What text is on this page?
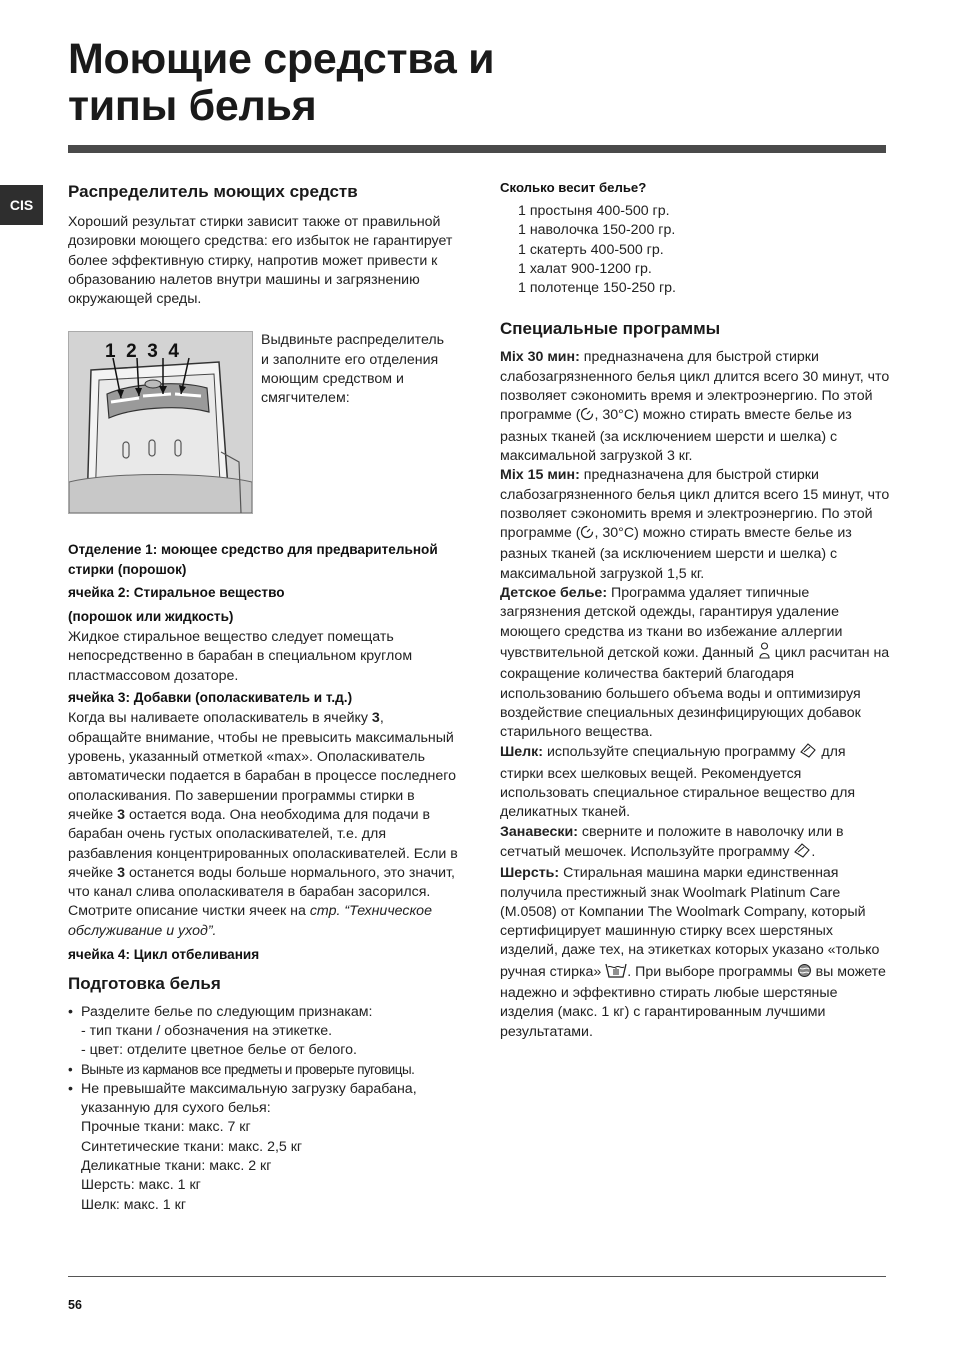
Моющие средства и
типы белья
CIS
Распределитель моющих средств
Хороший результат стирки зависит также от правильной дозировки моющего средства: его избыток не гарантирует более эффективную стирку, напротив может привести к образованию налетов внутри машины и загрязнению окружающей среды.
1 2 3 4
Выдвиньте распределитель и заполните его отделения моющим средством и смягчителем:
Отделение 1: моющее средство для предварительной стирки (порошок)
ячейка 2: Стиральное вещество
(порошок или жидкость)
Жидкое стиральное вещество следует помещать непосредственно в барабан в специальном круглом пластмассовом дозаторе.
ячейка 3: Добавки (ополаскиватель и т.д.)
Когда вы наливаете ополаскиватель в ячейку 3, обращайте внимание, чтобы не превысить максимальный уровень, указанный отметкой «max». Ополаскиватель автоматически подается в барабан в процессе последнего ополаскивания. По завершении программы стирки в ячейке 3 остается вода. Она необходима для подачи в барабан очень густых ополаскивателей, т.е. для разбавления концентрированных ополаскивателей. Если в ячейке 3 останется воды больше нормального, это значит, что канал слива ополаскивателя в барабан засорился. Смотрите описание чистки ячеек на стр. “Техническое обслуживание и уход”.
ячейка 4: Цикл отбеливания
Подготовка белья
• Разделите белье по следующим признакам:
- тип ткани / обозначения на этикетке.
- цвет: отделите цветное белье от белого.
• Выньте из карманов все предметы и проверьте пуговицы.
• Не превышайте максимальную загрузку барабана, указанную для сухого белья:
Прочные ткани: макс. 7 кг
Синтетические ткани: макс. 2,5 кг
Деликатные ткани: макс. 2 кг
Шерсть: макс. 1 кг
Шелк: макс. 1 кг
Сколько весит белье?
1 простыня 400-500 гр.
1 наволочка 150-200 гр.
1 скатерть 400-500 гр.
1 халат 900-1200 гр.
1 полотенце 150-250 гр.
Специальные программы
Mix 30 мин: предназначена для быстрой стирки слабозагрязненного белья цикл длится всего 30 минут, что позволяет сэкономить время и электроэнергию. По этой программе ( , 30°C) можно стирать вместе белье из разных тканей (за исключением шерсти и шелка) с максимальной загрузкой 3 кг.
Mix 15 мин: предназначена для быстрой стирки слабозагрязненного белья цикл длится всего 15 минут, что позволяет сэкономить время и электроэнергию. По этой программе ( , 30°C) можно стирать вместе белье из разных тканей (за исключением шерсти и шелка) с максимальной загрузкой 1,5 кг.
Детское белье: Программа удаляет типичные загрязнения детской одежды, гарантируя удаление моющего средства из ткани во избежание аллергии чувствительной детской кожи. Данный цикл расчитан на сокращение количества бактерий благодаря использованию большего объема воды и оптимизируя воздействие специальных дезинфицирующих добавок старильного вещества.
Шелк: используйте специальную программу для стирки всех шелковых вещей. Рекомендуется использовать специальное стиральное вещество для деликатных тканей.
Занавески: сверните и положите в наволочку или в сетчатый мешочек. Используйте программу .
Шерсть: Стиральная машина марки единственная получила престижный знак Woolmark Platinum Care (M.0508) от Компании The Woolmark Company, который сертифицирует машинную стирку всех шерстяных изделий, даже тех, на этикетках которых указано «только ручная стирка» . При выборе программы вы можете надежно и эффективно стирать любые шерстяные изделия (макс. 1 кг) с гарантированным лучшими результатами.
56
